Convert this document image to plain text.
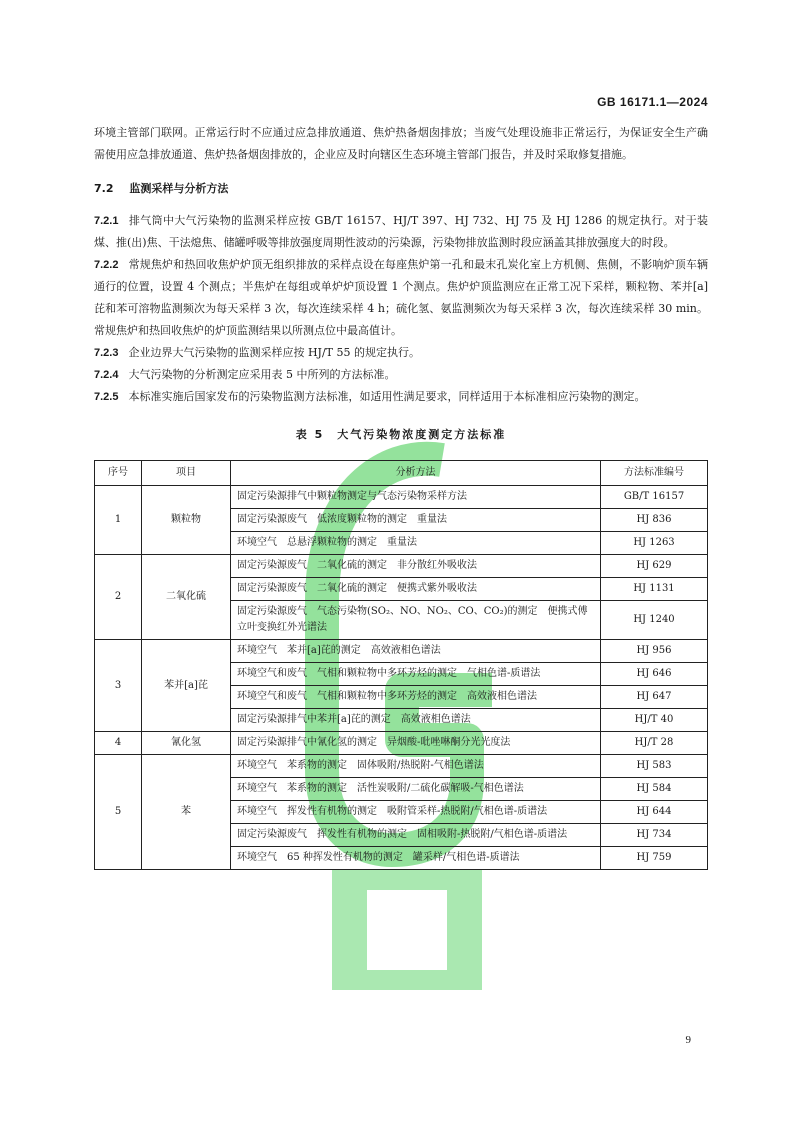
GB 16171.1—2024

环境主管部门联网。正常运行时不应通过应急排放通道、焦炉热备烟囱排放；当废气处理设施非正常运行，为保证安全生产确需使用应急排放通道、焦炉热备烟囱排放的，企业应及时向辖区生态环境主管部门报告，并及时采取修复措施。

7.2 监测采样与分析方法

7.2.1 排气筒中大气污染物的监测采样应按 GB/T 16157、HJ/T 397、HJ 732、HJ 75 及 HJ 1286 的规定执行。对于装煤、推(出)焦、干法熄焦、储罐呼吸等排放强度周期性波动的污染源，污染物排放监测时段应涵盖其排放强度大的时段。

7.2.2 常规焦炉和热回收焦炉炉顶无组织排放的采样点设在每座焦炉第一孔和最末孔炭化室上方机侧、焦侧，不影响炉顶车辆通行的位置，设置 4 个测点；半焦炉在每组或单炉炉顶设置 1 个测点。焦炉炉顶监测应在正常工况下采样，颗粒物、苯并[a]芘和苯可溶物监测频次为每天采样 3 次，每次连续采样 4 h；硫化氢、氨监测频次为每天采样 3 次，每次连续采样 30 min。常规焦炉和热回收焦炉的炉顶监测结果以所测点位中最高值计。

7.2.3 企业边界大气污染物的监测采样应按 HJ/T 55 的规定执行。

7.2.4 大气污染物的分析测定应采用表 5 中所列的方法标准。

7.2.5 本标准实施后国家发布的污染物监测方法标准，如适用性满足要求，同样适用于本标准相应污染物的测定。

表 5　大气污染物浓度测定方法标准
序号	项目	分析方法	方法标准编号
1	颗粒物	固定污染源排气中颗粒物测定与气态污染物采样方法	GB/T 16157
		固定污染源废气　低浓度颗粒物的测定　重量法	HJ 836
		环境空气　总悬浮颗粒物的测定　重量法	HJ 1263
2	二氧化硫	固定污染源废气　二氧化硫的测定　非分散红外吸收法	HJ 629
		固定污染源废气　二氧化硫的测定　便携式紫外吸收法	HJ 1131
		固定污染源废气　气态污染物(SO₂、NO、NO₂、CO、CO₂)的测定　便携式傅立叶变换红外光谱法	HJ 1240
3	苯并[a]芘	环境空气　苯并[a]芘的测定　高效液相色谱法	HJ 956
		环境空气和废气　气相和颗粒物中多环芳烃的测定　气相色谱-质谱法	HJ 646
		环境空气和废气　气相和颗粒物中多环芳烃的测定　高效液相色谱法	HJ 647
		固定污染源排气中苯并[a]芘的测定　高效液相色谱法	HJ/T 40
4	氰化氢	固定污染源排气中氰化氢的测定　异烟酸-吡唑啉酮分光光度法	HJ/T 28
5	苯	环境空气　苯系物的测定　固体吸附/热脱附-气相色谱法	HJ 583
		环境空气　苯系物的测定　活性炭吸附/二硫化碳解吸-气相色谱法	HJ 584
		环境空气　挥发性有机物的测定　吸附管采样-热脱附/气相色谱-质谱法	HJ 644
		固定污染源废气　挥发性有机物的测定　固相吸附-热脱附/气相色谱-质谱法	HJ 734
		环境空气　65 种挥发性有机物的测定　罐采样/气相色谱-质谱法	HJ 759
9
